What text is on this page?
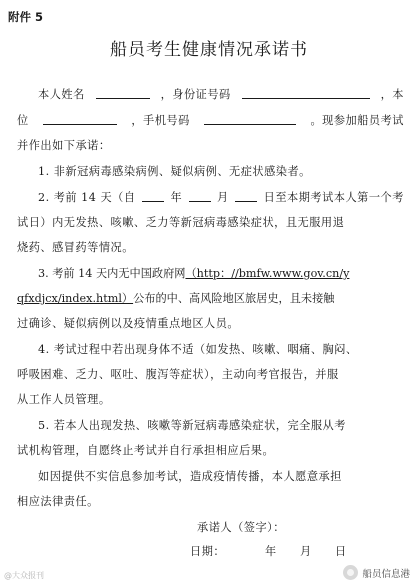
附件 5
船员考生健康情况承诺书
本人姓名	，身份证号码	，本
位	，手机号码	。现参加船员考试
并作出如下承诺：
1. 非新冠病毒感染病例、疑似病例、无症状感染者。
2. 考前 14 天（自	年	月	日至本期考试本人第一个考
试日）内无发热、咳嗽、乏力等新冠病毒感染症状，且无服用退
烧药、感冒药等情况。
3. 考前 14 天内无中国政府网（http：//bmfw.www.gov.cn/y
qfxdjcx/index.html）公布的中、高风险地区旅居史，且未接触
过确诊、疑似病例以及疫情重点地区人员。
4. 考试过程中若出现身体不适（如发热、咳嗽、咽痛、胸闷、
呼吸困难、乏力、呕吐、腹泻等症状），主动向考官报告，并服
从工作人员管理。
5. 若本人出现发热、咳嗽等新冠病毒感染症状，完全服从考
试机构管理，自愿终止考试并自行承担相应后果。
如因提供不实信息参加考试，造成疫情传播，本人愿意承担
相应法律责任。
承诺人（签字）：
日期：	年	月	日
@大众报刊	船员信息港
